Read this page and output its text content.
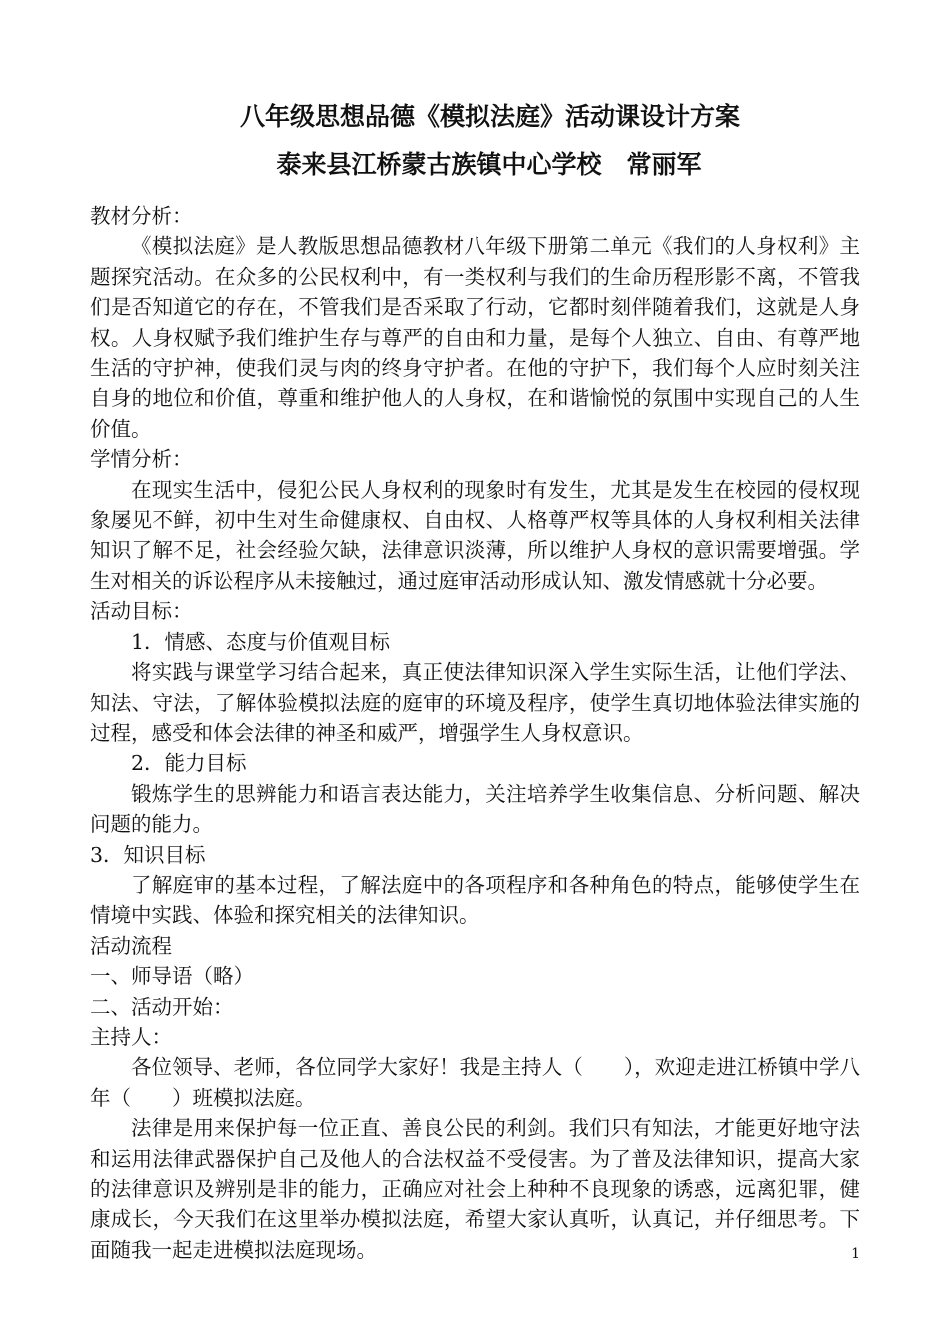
八年级思想品德《模拟法庭》活动课设计方案
泰来县江桥蒙古族镇中心学校　常丽军

教材分析：

《模拟法庭》是人教版思想品德教材八年级下册第二单元《我们的人身权利》主题探究活动。在众多的公民权利中，有一类权利与我们的生命历程形影不离，不管我们是否知道它的存在，不管我们是否采取了行动，它都时刻伴随着我们，这就是人身权。人身权赋予我们维护生存与尊严的自由和力量，是每个人独立、自由、有尊严地生活的守护神，使我们灵与肉的终身守护者。在他的守护下，我们每个人应时刻关注自身的地位和价值，尊重和维护他人的人身权，在和谐愉悦的氛围中实现自己的人生价值。

学情分析：

在现实生活中，侵犯公民人身权利的现象时有发生，尤其是发生在校园的侵权现象屡见不鲜，初中生对生命健康权、自由权、人格尊严权等具体的人身权利相关法律知识了解不足，社会经验欠缺，法律意识淡薄，所以维护人身权的意识需要增强。学生对相关的诉讼程序从未接触过，通过庭审活动形成认知、激发情感就十分必要。

活动目标：

1．情感、态度与价值观目标

将实践与课堂学习结合起来，真正使法律知识深入学生实际生活，让他们学法、知法、守法，了解体验模拟法庭的庭审的环境及程序，使学生真切地体验法律实施的过程，感受和体会法律的神圣和威严，增强学生人身权意识。

2．能力目标

锻炼学生的思辨能力和语言表达能力，关注培养学生收集信息、分析问题、解决问题的能力。

3．知识目标

了解庭审的基本过程，了解法庭中的各项程序和各种角色的特点，能够使学生在情境中实践、体验和探究相关的法律知识。

活动流程

一、师导语（略）

二、活动开始：

主持人：

各位领导、老师，各位同学大家好！我是主持人（　　），欢迎走进江桥镇中学八年（　　）班模拟法庭。

法律是用来保护每一位正直、善良公民的利剑。我们只有知法，才能更好地守法和运用法律武器保护自己及他人的合法权益不受侵害。为了普及法律知识，提高大家的法律意识及辨别是非的能力，正确应对社会上种种不良现象的诱惑，远离犯罪，健康成长，今天我们在这里举办模拟法庭，希望大家认真听，认真记，并仔细思考。下面随我一起走进模拟法庭现场。	1
